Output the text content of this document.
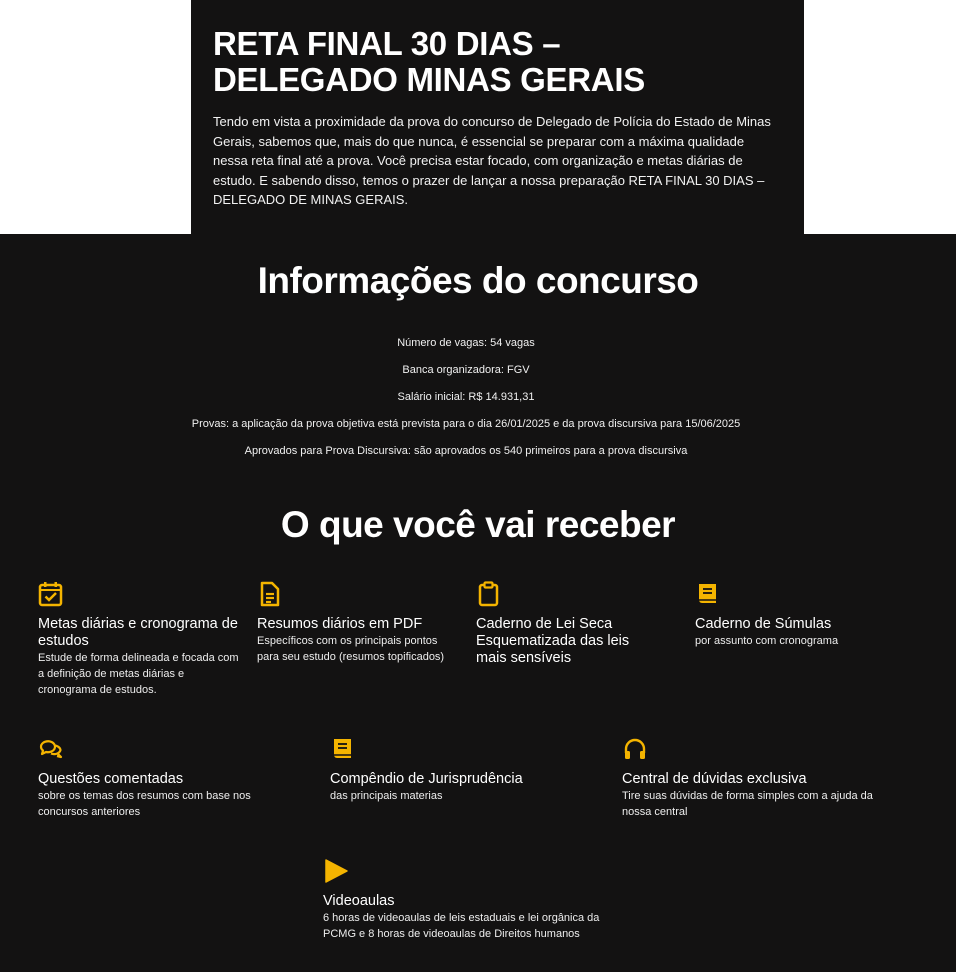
RETA FINAL 30 DIAS –
DELEGADO MINAS GERAIS

Tendo em vista a proximidade da prova do concurso de Delegado de Polícia do Estado de Minas Gerais, sabemos que, mais do que nunca, é essencial se preparar com a máxima qualidade nessa reta final até a prova. Você precisa estar focado, com organização e metas diárias de estudo. E sabendo disso, temos o prazer de lançar a nossa preparação RETA FINAL 30 DIAS – DELEGADO DE MINAS GERAIS.

Informações do concurso
Número de vagas: 54 vagas
Banca organizadora: FGV
Salário inicial: R$ 14.931,31
Provas: a aplicação da prova objetiva está prevista para o dia 26/01/2025 e da prova discursiva para 15/06/2025
Aprovados para Prova Discursiva: são aprovados os 540 primeiros para a prova discursiva
O que você vai receber
Metas diárias e cronograma de estudos
Estude de forma delineada e focada com a definição de metas diárias e cronograma de estudos.
Resumos diários em PDF
Específicos com os principais pontos para seu estudo (resumos topificados)
Caderno de Lei Seca Esquematizada das leis mais sensíveis
Caderno de Súmulas
por assunto com cronograma
Questões comentadas
sobre os temas dos resumos com base nos concursos anteriores
Compêndio de Jurisprudência
das principais materias
Central de dúvidas exclusiva
Tire suas dúvidas de forma simples com a ajuda da nossa central
Videoaulas
6 horas de videoaulas de leis estaduais e lei orgânica da PCMG e 8 horas de videoaulas de Direitos humanos
